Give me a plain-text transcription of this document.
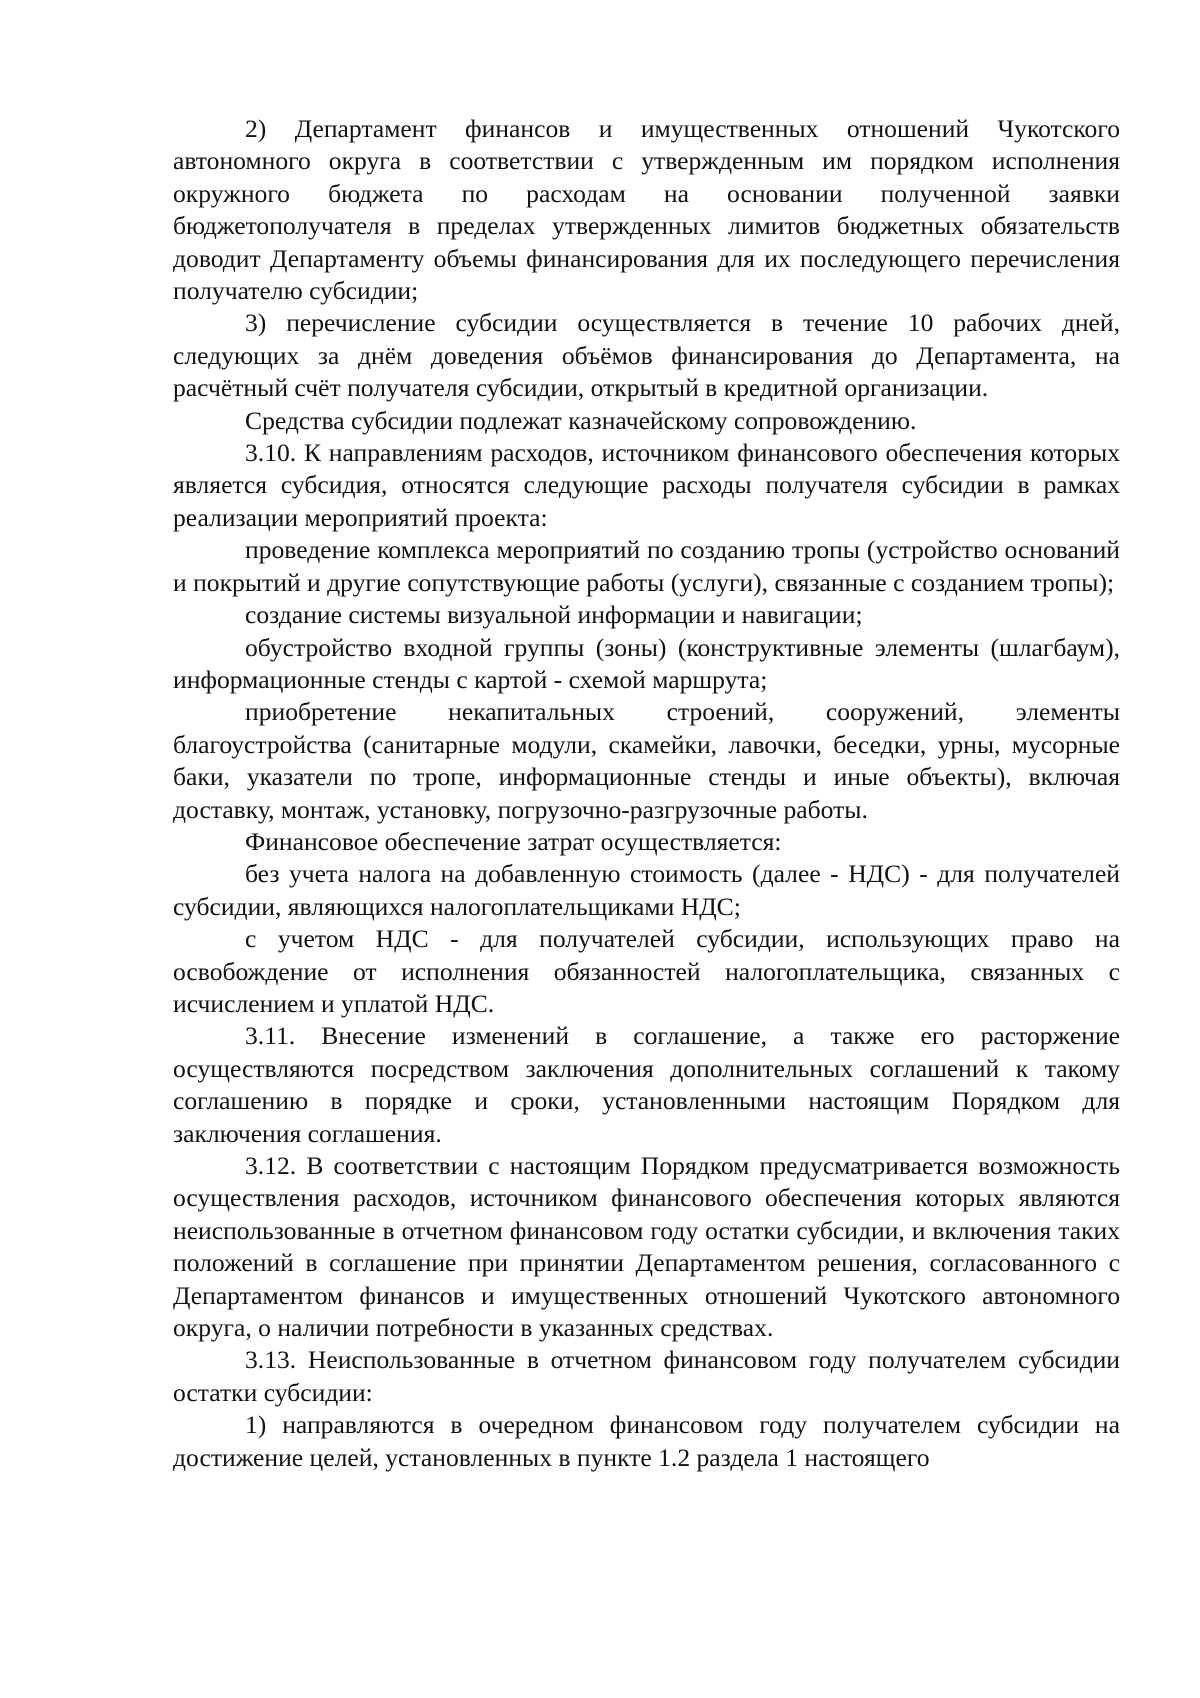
2) Департамент финансов и имущественных отношений Чукотского автономного округа в соответствии с утвержденным им порядком исполнения окружного бюджета по расходам на основании полученной заявки бюджетополучателя в пределах утвержденных лимитов бюджетных обязательств доводит Департаменту объемы финансирования для их последующего перечисления получателю субсидии;

3) перечисление субсидии осуществляется в течение 10 рабочих дней, следующих за днём доведения объёмов финансирования до Департамента, на расчётный счёт получателя субсидии, открытый в кредитной организации.

Средства субсидии подлежат казначейскому сопровождению.

3.10. К направлениям расходов, источником финансового обеспечения которых является субсидия, относятся следующие расходы получателя субсидии в рамках реализации мероприятий проекта:

проведение комплекса мероприятий по созданию тропы (устройство оснований и покрытий и другие сопутствующие работы (услуги), связанные с созданием тропы);

создание системы визуальной информации и навигации;

обустройство входной группы (зоны) (конструктивные элементы (шлагбаум), информационные стенды с картой - схемой маршрута;

приобретение некапитальных строений, сооружений, элементы благоустройства (санитарные модули, скамейки, лавочки, беседки, урны, мусорные баки, указатели по тропе, информационные стенды и иные объекты), включая доставку, монтаж, установку, погрузочно-разгрузочные работы.

Финансовое обеспечение затрат осуществляется:

без учета налога на добавленную стоимость (далее - НДС) - для получателей субсидии, являющихся налогоплательщиками НДС;

с учетом НДС - для получателей субсидии, использующих право на освобождение от исполнения обязанностей налогоплательщика, связанных с исчислением и уплатой НДС.

3.11. Внесение изменений в соглашение, а также его расторжение осуществляются посредством заключения дополнительных соглашений к такому соглашению в порядке и сроки, установленными настоящим Порядком для заключения соглашения.

3.12. В соответствии с настоящим Порядком предусматривается возможность осуществления расходов, источником финансового обеспечения которых являются неиспользованные в отчетном финансовом году остатки субсидии, и включения таких положений в соглашение при принятии Департаментом решения, согласованного с Департаментом финансов и имущественных отношений Чукотского автономного округа, о наличии потребности в указанных средствах.

3.13. Неиспользованные в отчетном финансовом году получателем субсидии остатки субсидии:

1) направляются в очередном финансовом году получателем субсидии на достижение целей, установленных в пункте 1.2 раздела 1 настоящего
